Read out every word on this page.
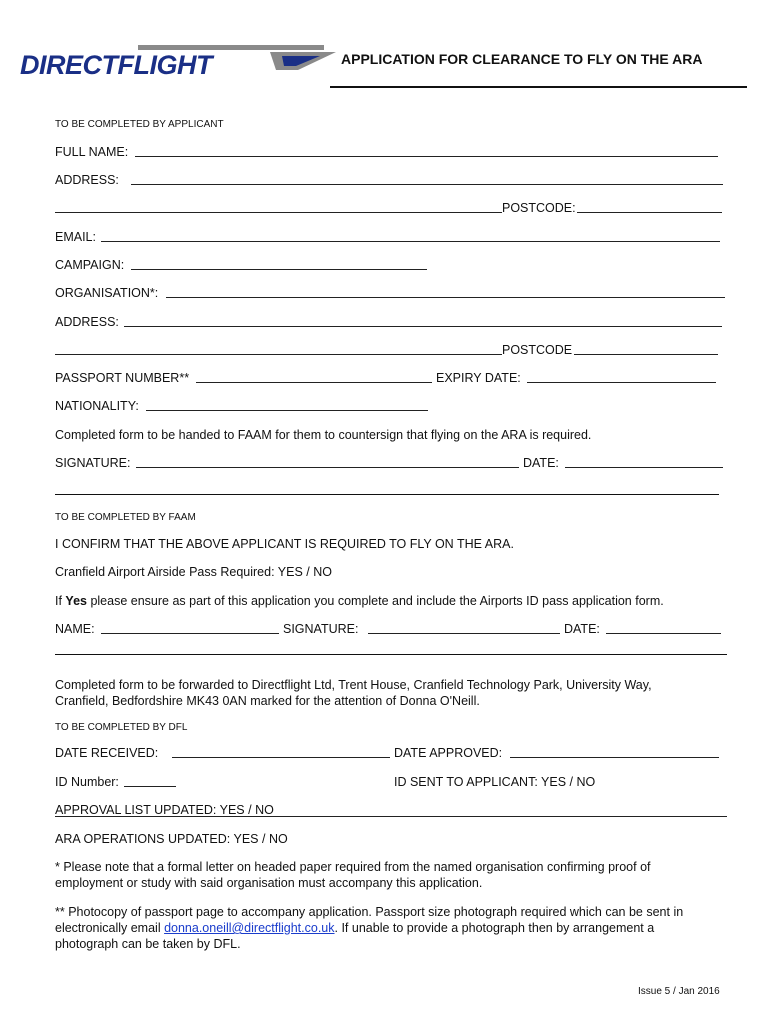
DIRECTFLIGHT	APPLICATION FOR CLEARANCE TO FLY ON THE ARA
TO BE COMPLETED BY APPLICANT
FULL NAME:
ADDRESS:
POSTCODE:
EMAIL:
CAMPAIGN:
ORGANISATION*:
ADDRESS:
POSTCODE
PASSPORT NUMBER**	EXPIRY DATE:
NATIONALITY:
Completed form to be handed to FAAM for them to countersign that flying on the ARA is required.
SIGNATURE:	DATE:
TO BE COMPLETED BY FAAM
I CONFIRM THAT THE ABOVE APPLICANT IS REQUIRED TO FLY ON THE ARA.
Cranfield Airport Airside Pass Required: YES / NO
If Yes please ensure as part of this application you complete and include the Airports ID pass application form.
NAME:	SIGNATURE:	DATE:
Completed form to be forwarded to Directflight Ltd, Trent House, Cranfield Technology Park, University Way,
Cranfield, Bedfordshire MK43 0AN marked for the attention of Donna O'Neill.
TO BE COMPLETED BY DFL
DATE RECEIVED:	DATE APPROVED:
ID Number:	ID SENT TO APPLICANT: YES / NO
APPROVAL LIST UPDATED: YES / NO
ARA OPERATIONS UPDATED: YES / NO
* Please note that a formal letter on headed paper required from the named organisation confirming proof of
employment or study with said organisation must accompany this application.
** Photocopy of passport page to accompany application. Passport size photograph required which can be sent in
electronically email donna.oneill@directflight.co.uk. If unable to provide a photograph then by arrangement a
photograph can be taken by DFL.
Issue 5 / Jan 2016
